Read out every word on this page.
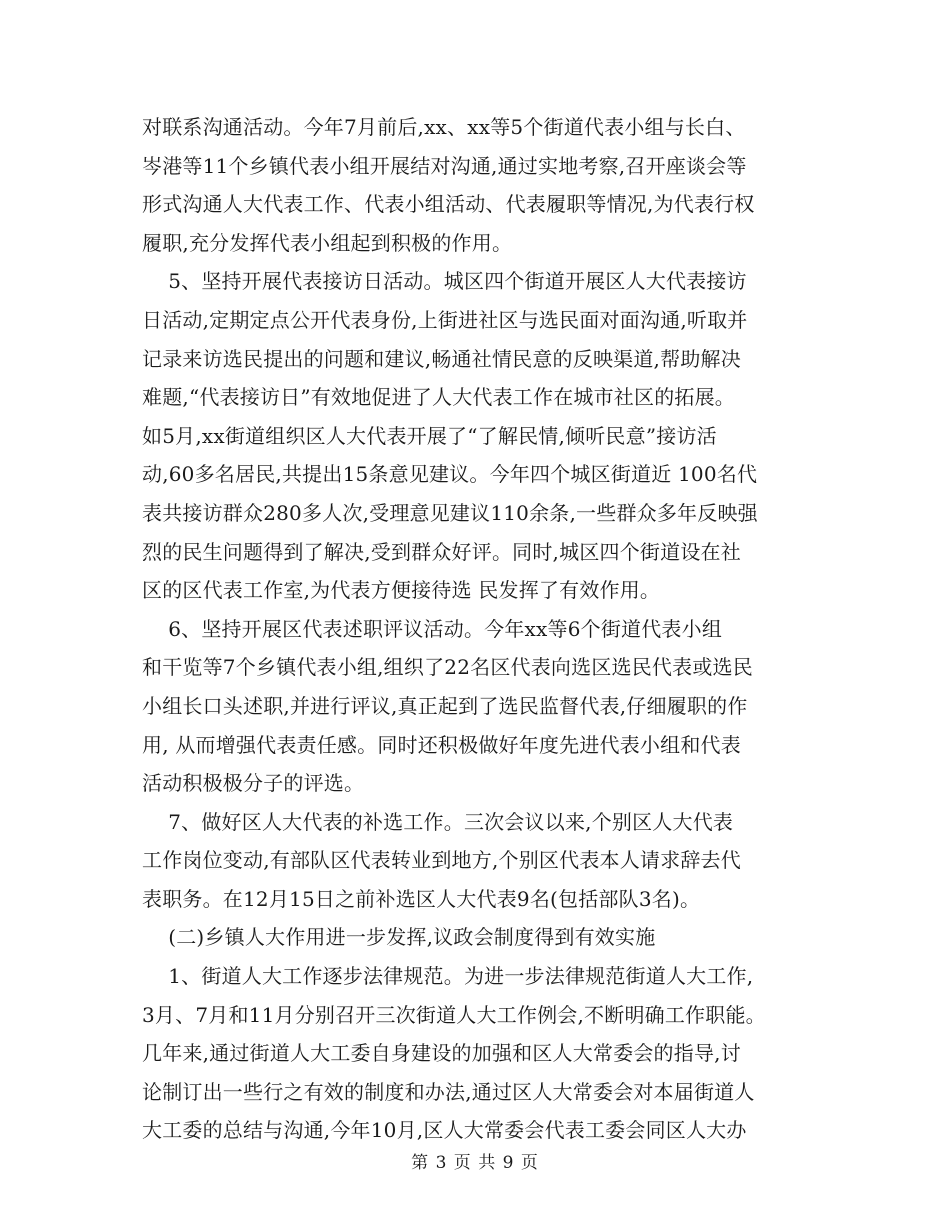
对联系沟通活动。今年7月前后,xx、xx等5个街道代表小组与长白、
岑港等11个乡镇代表小组开展结对沟通,通过实地考察,召开座谈会等
形式沟通人大代表工作、代表小组活动、代表履职等情况,为代表行权
履职,充分发挥代表小组起到积极的作用。
5、坚持开展代表接访日活动。城区四个街道开展区人大代表接访
日活动,定期定点公开代表身份,上街进社区与选民面对面沟通,听取并
记录来访选民提出的问题和建议,畅通社情民意的反映渠道,帮助解决
难题,“代表接访日”有效地促进了人大代表工作在城市社区的拓展。
如5月,xx街道组织区人大代表开展了“了解民情,倾听民意”接访活
动,60多名居民,共提出15条意见建议。今年四个城区街道近 100名代
表共接访群众280多人次,受理意见建议110余条,一些群众多年反映强
烈的民生问题得到了解决,受到群众好评。同时,城区四个街道设在社
区的区代表工作室,为代表方便接待选 民发挥了有效作用。
6、坚持开展区代表述职评议活动。今年xx等6个街道代表小组
和干览等7个乡镇代表小组,组织了22名区代表向选区选民代表或选民
小组长口头述职,并进行评议,真正起到了选民监督代表,仔细履职的作
用, 从而增强代表责任感。同时还积极做好年度先进代表小组和代表
活动积极极分子的评选。
7、做好区人大代表的补选工作。三次会议以来,个别区人大代表
工作岗位变动,有部队区代表转业到地方,个别区代表本人请求辞去代
表职务。在12月15日之前补选区人大代表9名(包括部队3名)。
(二)乡镇人大作用进一步发挥,议政会制度得到有效实施
1、街道人大工作逐步法律规范。为进一步法律规范街道人大工作,
3月、7月和11月分别召开三次街道人大工作例会,不断明确工作职能。
几年来,通过街道人大工委自身建设的加强和区人大常委会的指导,讨
论制订出一些行之有效的制度和办法,通过区人大常委会对本届街道人
大工委的总结与沟通,今年10月,区人大常委会代表工委会同区人大办
第 3 页 共 9 页
